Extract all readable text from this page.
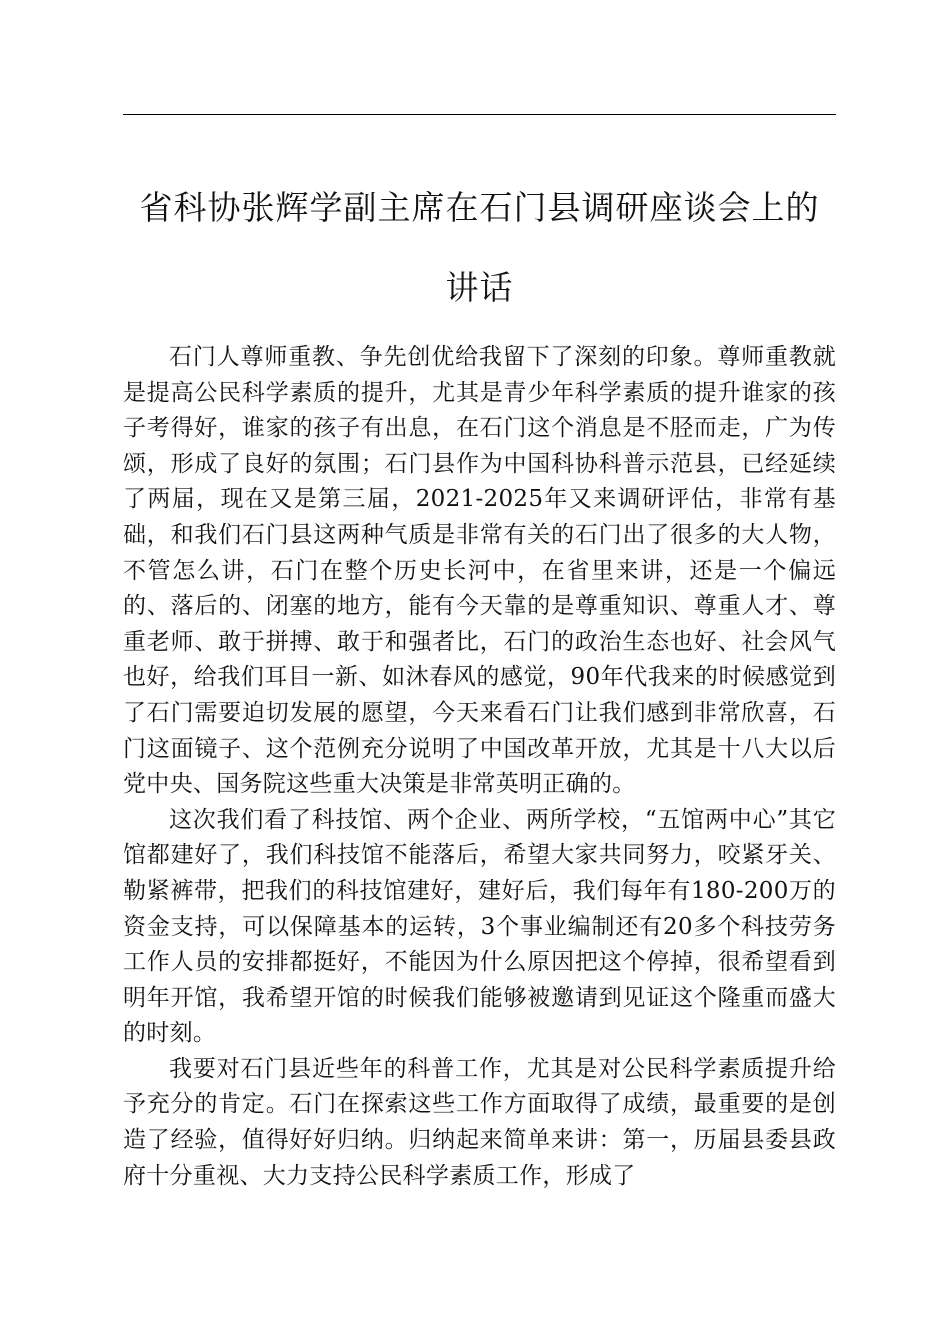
省科协张辉学副主席在石门县调研座谈会上的
讲话

石门人尊师重教、争先创优给我留下了深刻的印象。尊师重教就是提高公民科学素质的提升，尤其是青少年科学素质的提升谁家的孩子考得好，谁家的孩子有出息，在石门这个消息是不胫而走，广为传颂，形成了良好的氛围；石门县作为中国科协科普示范县，已经延续了两届，现在又是第三届，2021-2025年又来调研评估，非常有基础，和我们石门县这两种气质是非常有关的石门出了很多的大人物，不管怎么讲，石门在整个历史长河中，在省里来讲，还是一个偏远的、落后的、闭塞的地方，能有今天靠的是尊重知识、尊重人才、尊重老师、敢于拼搏、敢于和强者比，石门的政治生态也好、社会风气也好，给我们耳目一新、如沐春风的感觉，90年代我来的时候感觉到了石门需要迫切发展的愿望，今天来看石门让我们感到非常欣喜，石门这面镜子、这个范例充分说明了中国改革开放，尤其是十八大以后党中央、国务院这些重大决策是非常英明正确的。

这次我们看了科技馆、两个企业、两所学校，“五馆两中心”其它馆都建好了，我们科技馆不能落后，希望大家共同努力，咬紧牙关、勒紧裤带，把我们的科技馆建好，建好后，我们每年有180-200万的资金支持，可以保障基本的运转，3个事业编制还有20多个科技劳务工作人员的安排都挺好，不能因为什么原因把这个停掉，很希望看到明年开馆，我希望开馆的时候我们能够被邀请到见证这个隆重而盛大的时刻。

我要对石门县近些年的科普工作，尤其是对公民科学素质提升给予充分的肯定。石门在探索这些工作方面取得了成绩，最重要的是创造了经验，值得好好归纳。归纳起来简单来讲：第一，历届县委县政府十分重视、大力支持公民科学素质工作，形成了
